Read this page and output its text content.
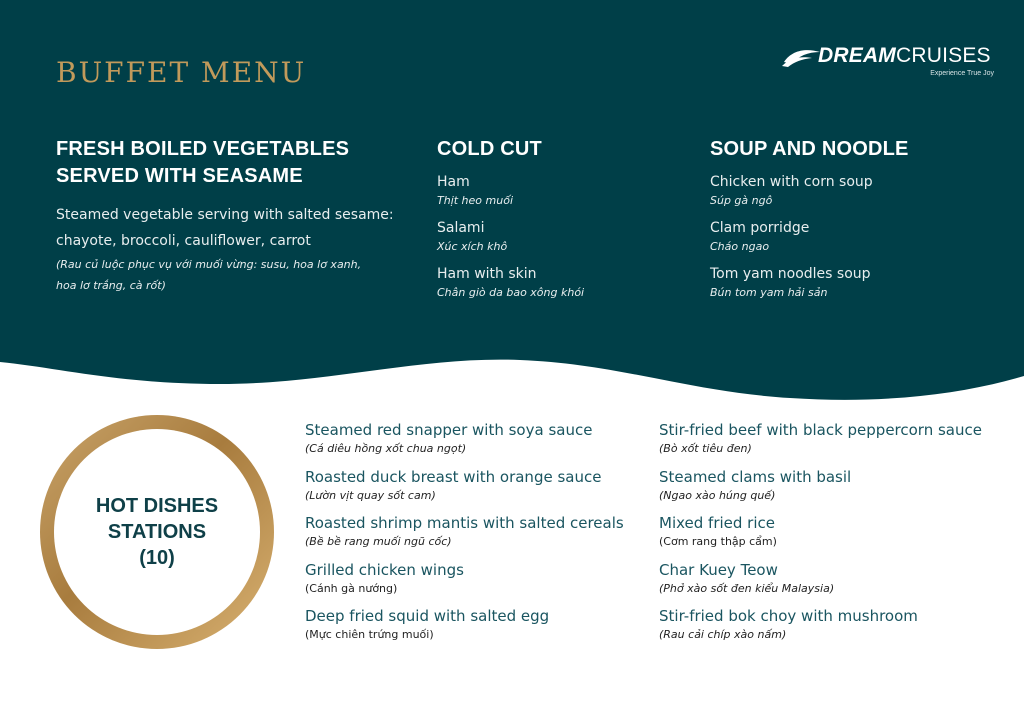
BUFFET MENU
DREAMCRUISES
Experience True Joy
FRESH BOILED VEGETABLES
SERVED WITH SEASAME
Steamed vegetable serving with salted sesame:
chayote, broccoli, cauliflower, carrot
(Rau củ luộc phục vụ với muối vừng: susu, hoa lơ xanh,
hoa lơ trắng, cà rốt)
COLD CUT
Ham
Thịt heo muối
Salami
Xúc xích khô
Ham with skin
Chân giò da bao xông khói
SOUP AND NOODLE
Chicken with corn soup
Súp gà ngô
Clam porridge
Cháo ngao
Tom yam noodles soup
Bún tom yam hải sản
HOT DISHES
STATIONS
(10)
Steamed red snapper with soya sauce
(Cá diêu hồng xốt chua ngọt)
Roasted duck breast with orange sauce
(Lườn vịt quay sốt cam)
Roasted shrimp mantis with salted cereals
(Bề bề rang muối ngũ cốc)
Grilled chicken wings
(Cánh gà nướng)
Deep fried squid with salted egg
(Mực chiên trứng muối)
Stir-fried beef with black peppercorn sauce
(Bò xốt tiêu đen)
Steamed clams with basil
(Ngao xào húng quế)
Mixed fried rice
(Cơm rang thập cẩm)
Char Kuey Teow
(Phở xào sốt đen kiểu Malaysia)
Stir-fried bok choy with mushroom
(Rau cải chíp xào nấm)
